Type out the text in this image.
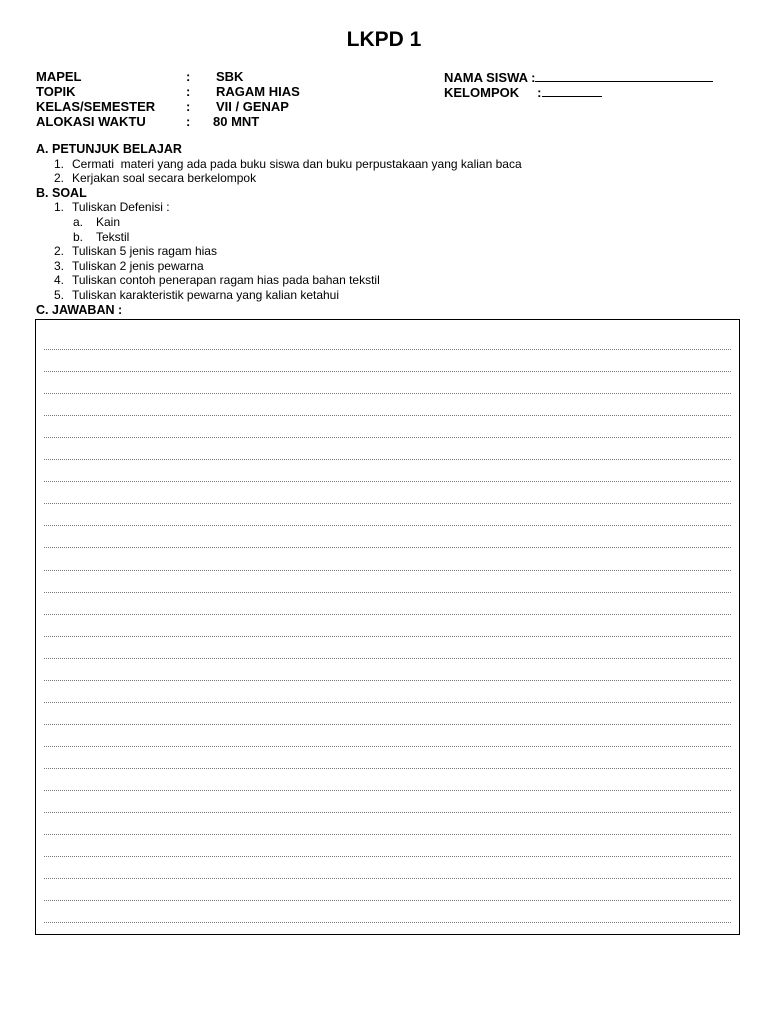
LKPD 1
MAPEL	: SBK
TOPIK	: RAGAM HIAS
KELAS/SEMESTER : VII / GENAP
ALOKASI WAKTU	: 80 MNT
NAMA SISWA :
KELOMPOK     :
A. PETUNJUK BELAJAR
1. Cermati  materi yang ada pada buku siswa dan buku perpustakaan yang kalian baca
2. Kerjakan soal secara berkelompok
B. SOAL
1. Tuliskan Defenisi :
a. Kain
b. Tekstil
2. Tuliskan 5 jenis ragam hias
3. Tuliskan 2 jenis pewarna
4. Tuliskan contoh penerapan ragam hias pada bahan tekstil
5. Tuliskan karakteristik pewarna yang kalian ketahui
C. JAWABAN :
